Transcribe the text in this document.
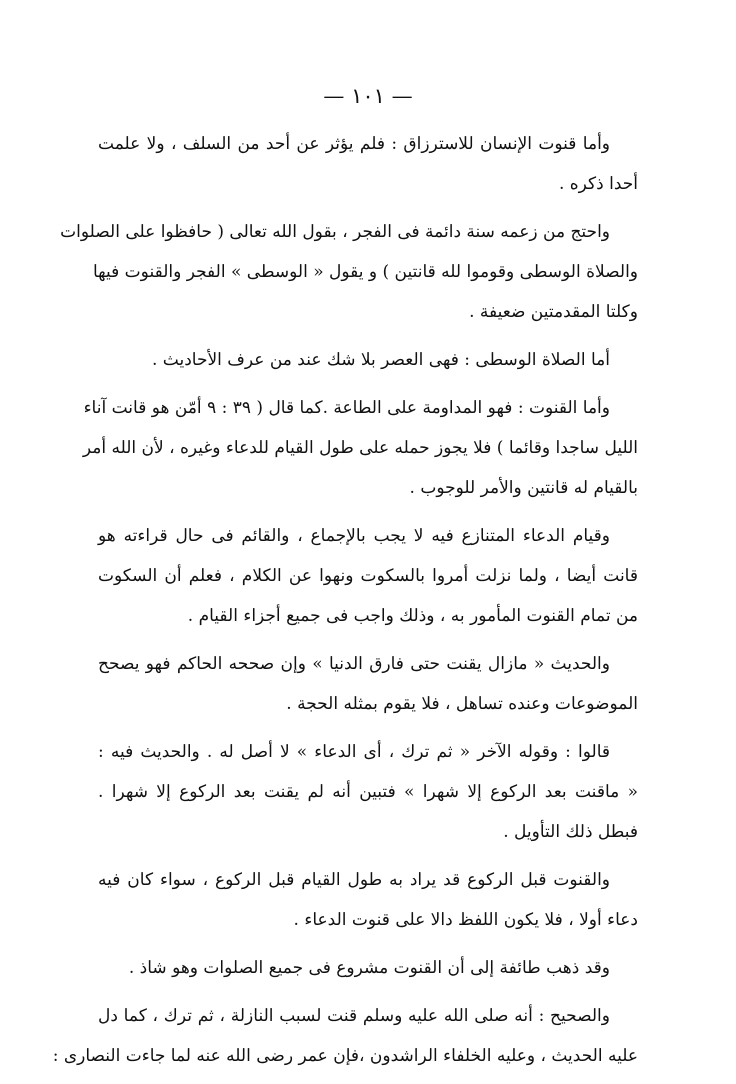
— ١٠١ —
وأما قنوت الإنسان للاسترزاق : فلم يؤثر عن أحد من السلف ، ولا علمت
أحدا ذكره .
واحتج من زعمه سنة دائمة فى الفجر ، بقول الله تعالى ( حافظوا على الصلوات
والصلاة الوسطى وقوموا لله قانتين ) و يقول « الوسطى » الفجر والقنوت فيها
وكلتا المقدمتين ضعيفة .
أما الصلاة الوسطى : فهى العصر بلا شك عند من عرف الأحاديث .
وأما القنوت : فهو المداومة على الطاعة .كما قال ( ٣٩ : ٩ أمّن هو قانت آناء
الليل ساجدا وقائما ) فلا يجوز حمله على طول القيام للدعاء وغيره ، لأن الله أمر
بالقيام له قانتين والأمر للوجوب .
وقيام الدعاء المتنازع فيه لا يجب بالإجماع ، والقائم فى حال قراءته هو
قانت أيضا ، ولما نزلت أمروا بالسكوت ونهوا عن الكلام ، فعلم أن السكوت
من تمام القنوت المأمور به ، وذلك واجب فى جميع أجزاء القيام .
والحديث « مازال يقنت حتى فارق الدنيا » وإن صححه الحاكم فهو يصحح
الموضوعات وعنده تساهل ، فلا يقوم بمثله الحجة .
قالوا : وقوله الآخر « ثم ترك ، أى الدعاء » لا أصل له . والحديث فيه :
« ماقنت بعد الركوع إلا شهرا » فتبين أنه لم يقنت بعد الركوع إلا شهرا .
فبطل ذلك التأويل .
والقنوت قبل الركوع قد يراد به طول القيام قبل الركوع ، سواء كان فيه
دعاء أولا ، فلا يكون اللفظ دالا على قنوت الدعاء .
وقد ذهب طائفة إلى أن القنوت مشروع فى جميع الصلوات وهو شاذ .
والصحيح : أنه صلى الله عليه وسلم قنت لسبب النازلة ، ثم ترك ، كما دل
عليه الحديث ، وعليه الخلفاء الراشدون ،فإن عمر رضى الله عنه لما جاءت النصارى :
